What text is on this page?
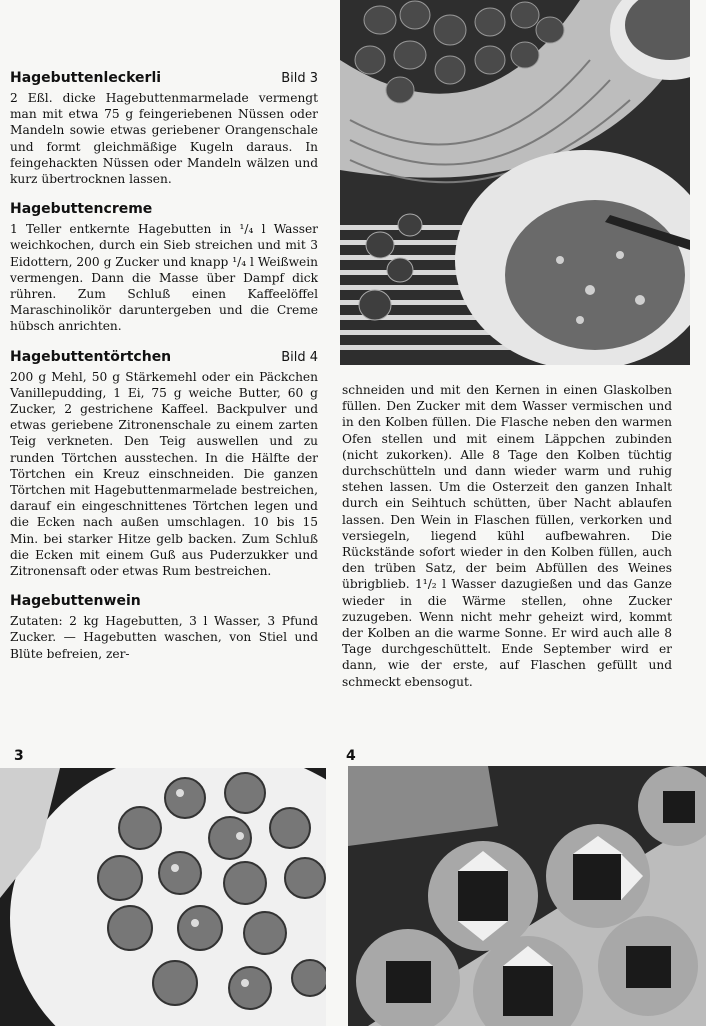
Hagebuttenleckerli	Bild 3

2 Eßl. dicke Hagebuttenmarmelade vermengt man mit etwa 75 g feingeriebenen Nüssen oder Mandeln sowie etwas geriebener Orangenschale und formt gleichmäßige Kugeln daraus. In feingehackten Nüssen oder Mandeln wälzen und kurz übertrocknen lassen.

Hagebuttencreme

1 Teller entkernte Hagebutten in ¹/₄ l Wasser weichkochen, durch ein Sieb streichen und mit 3 Eidottern, 200 g Zucker und knapp ¹/₄ l Weißwein vermengen. Dann die Masse über Dampf dick rühren. Zum Schluß einen Kaffeelöffel Maraschinolikör daruntergeben und die Creme hübsch anrichten.

Hagebuttentörtchen	Bild 4

200 g Mehl, 50 g Stärkemehl oder ein Päckchen Vanillepudding, 1 Ei, 75 g weiche Butter, 60 g Zucker, 2 gestrichene Kaffeel. Backpulver und etwas geriebene Zitronenschale zu einem zarten Teig verkneten. Den Teig auswellen und zu runden Törtchen ausstechen. In die Hälfte der Törtchen ein Kreuz einschneiden. Die ganzen Törtchen mit Hagebuttenmarmelade bestreichen, darauf ein eingeschnittenes Törtchen legen und die Ecken nach außen umschlagen. 10 bis 15 Min. bei starker Hitze gelb backen. Zum Schluß die Ecken mit einem Guß aus Puderzukker und Zitronensaft oder etwas Rum bestreichen.

Hagebuttenwein

Zutaten: 2 kg Hagebutten, 3 l Wasser, 3 Pfund Zucker. — Hagebutten waschen, von Stiel und Blüte befreien, zer-

schneiden und mit den Kernen in einen Glaskolben füllen. Den Zucker mit dem Wasser vermischen und in den Kolben füllen. Die Flasche neben den warmen Ofen stellen und mit einem Läppchen zubinden (nicht zukorken). Alle 8 Tage den Kolben tüchtig durchschütteln und dann wieder warm und ruhig stehen lassen. Um die Osterzeit den ganzen Inhalt durch ein Seihtuch schütten, über Nacht ablaufen lassen. Den Wein in Flaschen füllen, verkorken und versiegeln, liegend kühl aufbewahren. Die Rückstände sofort wieder in den Kolben füllen, auch den trüben Satz, der beim Abfüllen des Weines übrigblieb. 1¹/₂ l Wasser dazugießen und das Ganze wieder in die Wärme stellen, ohne Zucker zuzugeben. Wenn nicht mehr geheizt wird, kommt der Kolben an die warme Sonne. Er wird auch alle 8 Tage durchgeschüttelt. Ende September wird er dann, wie der erste, auf Flaschen gefüllt und schmeckt ebensogut.

3	4
